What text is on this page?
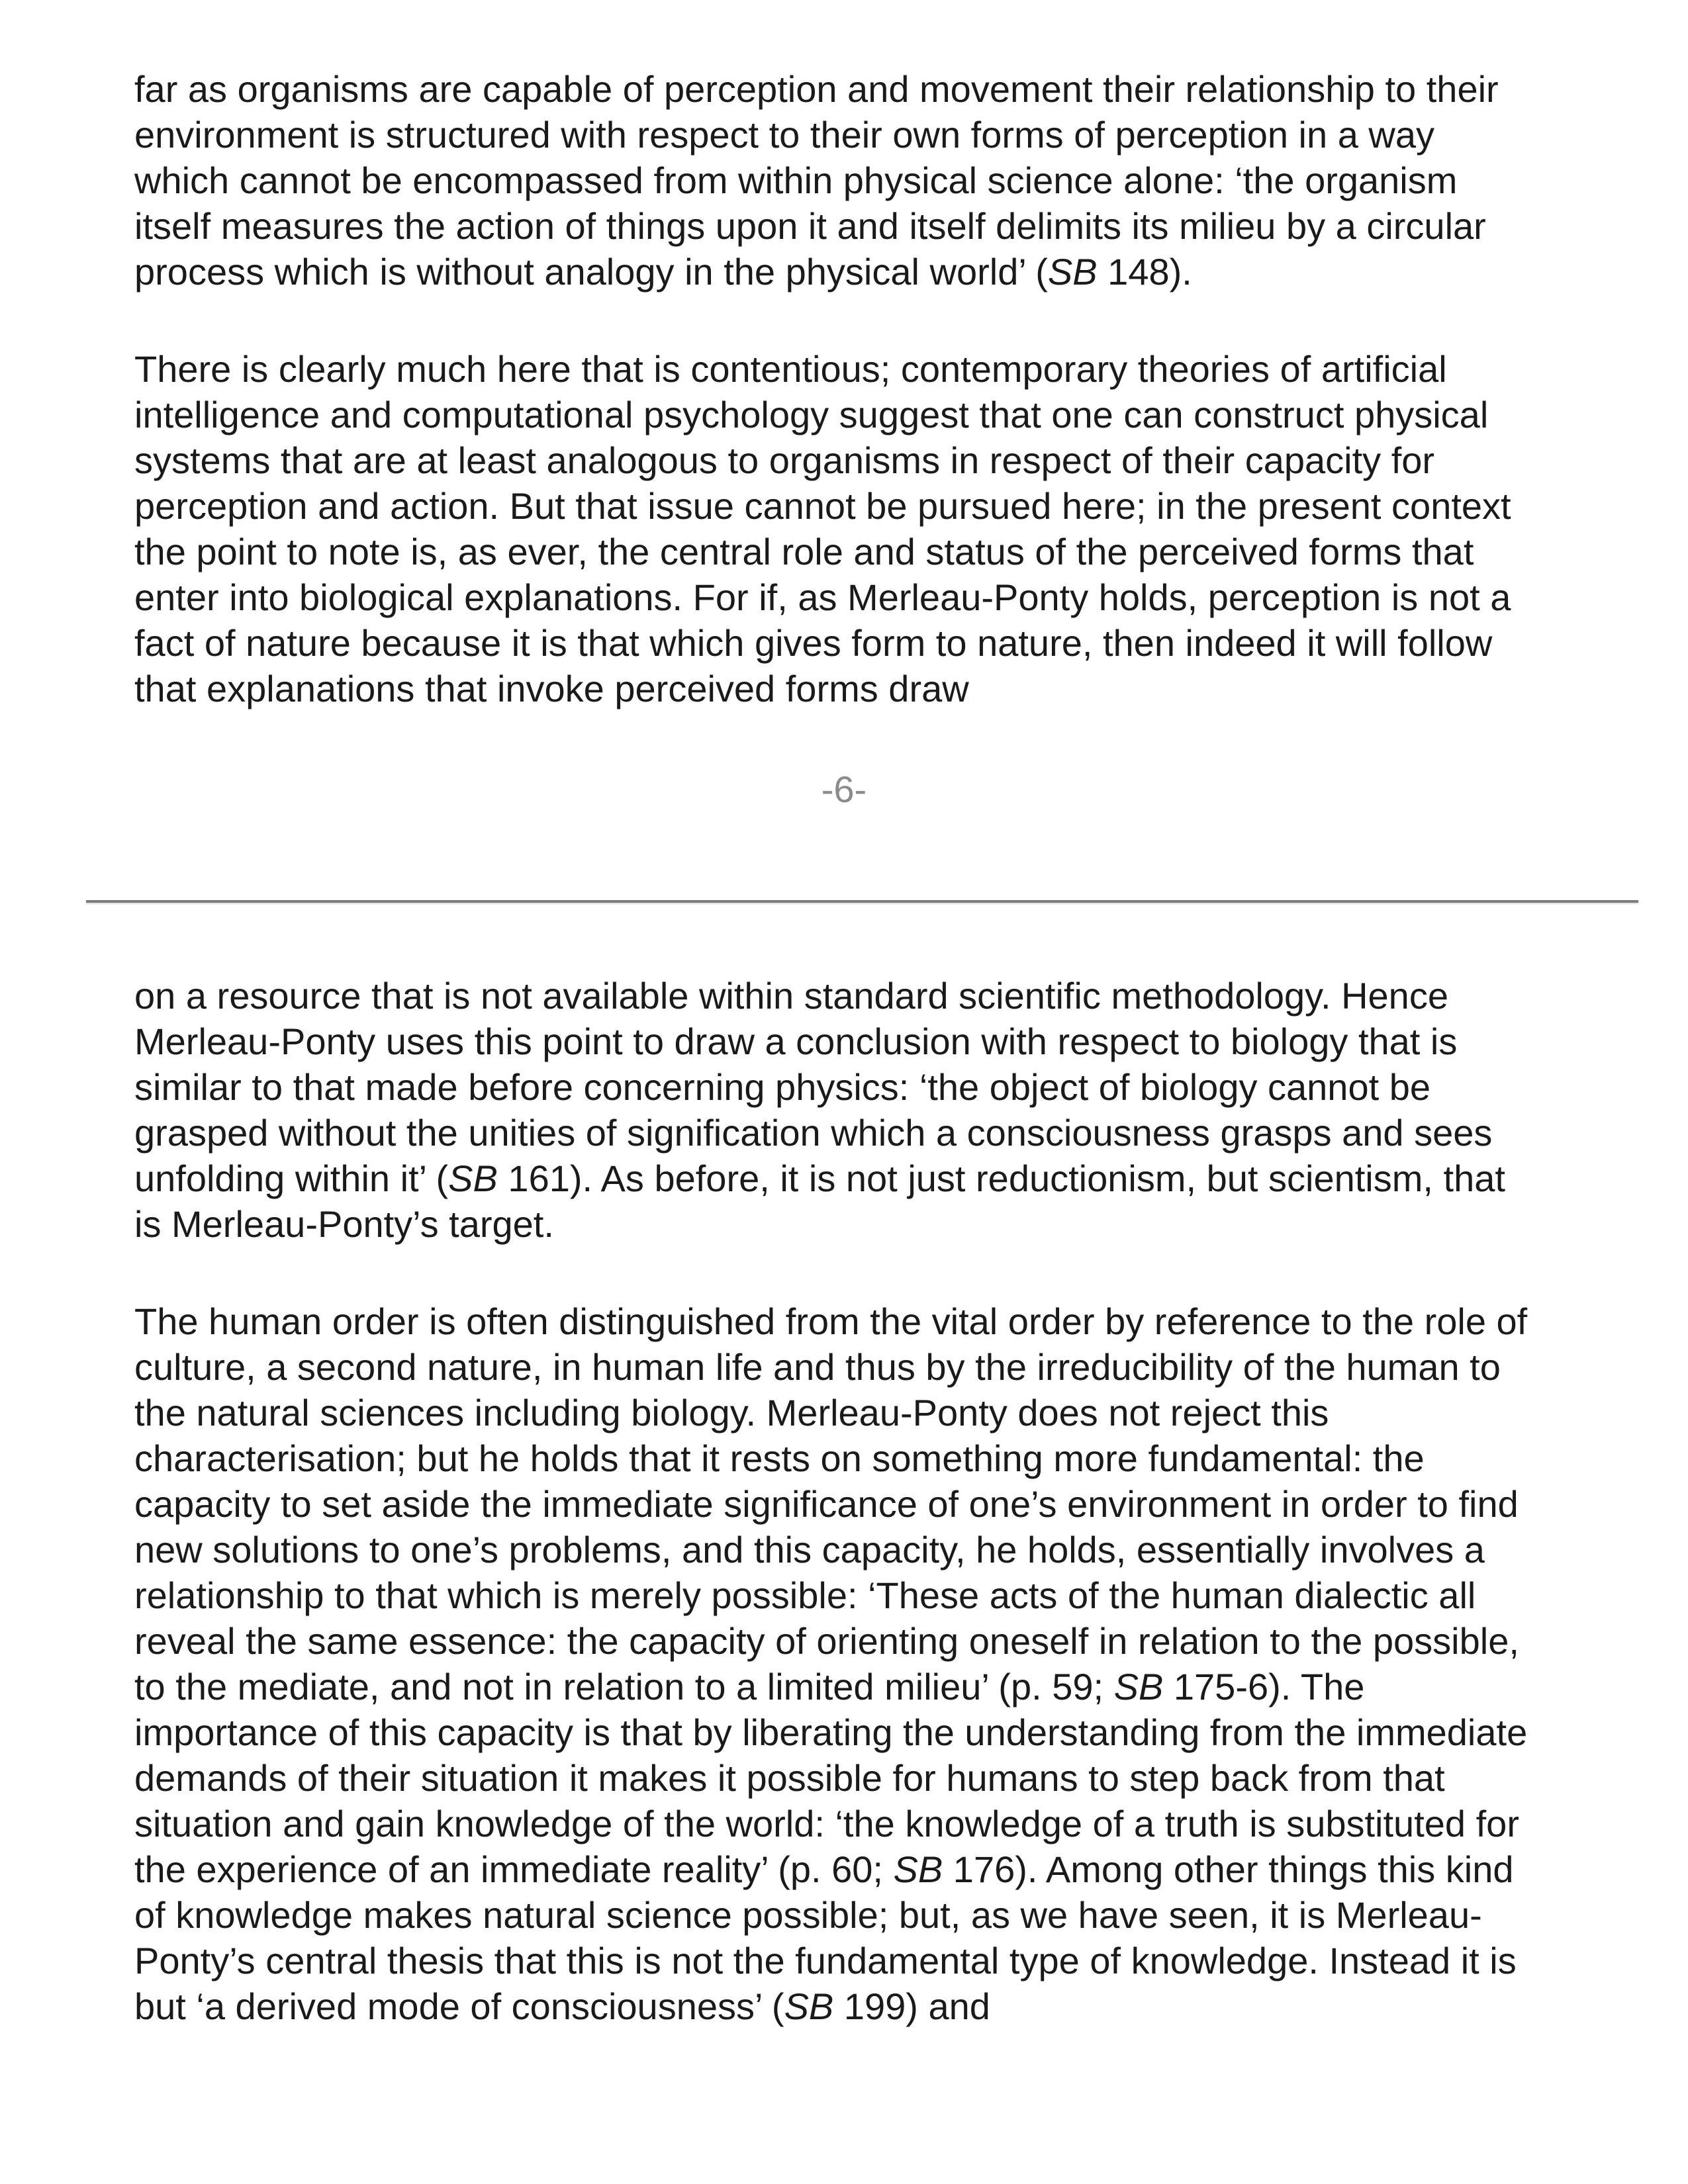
far as organisms are capable of perception and movement their relationship to their
environment is structured with respect to their own forms of perception in a way
which cannot be encompassed from within physical science alone: ‘the organism
itself measures the action of things upon it and itself delimits its milieu by a circular
process which is without analogy in the physical world’ (SB 148).

There is clearly much here that is contentious; contemporary theories of artificial
intelligence and computational psychology suggest that one can construct physical
systems that are at least analogous to organisms in respect of their capacity for
perception and action. But that issue cannot be pursued here; in the present context
the point to note is, as ever, the central role and status of the perceived forms that
enter into biological explanations. For if, as Merleau-Ponty holds, perception is not a
fact of nature because it is that which gives form to nature, then indeed it will follow
that explanations that invoke perceived forms draw

-6-

on a resource that is not available within standard scientific methodology. Hence
Merleau-Ponty uses this point to draw a conclusion with respect to biology that is
similar to that made before concerning physics: ‘the object of biology cannot be
grasped without the unities of signification which a consciousness grasps and sees
unfolding within it’ (SB 161). As before, it is not just reductionism, but scientism, that
is Merleau-Ponty’s target.

The human order is often distinguished from the vital order by reference to the role of
culture, a second nature, in human life and thus by the irreducibility of the human to
the natural sciences including biology. Merleau-Ponty does not reject this
characterisation; but he holds that it rests on something more fundamental: the
capacity to set aside the immediate significance of one’s environment in order to find
new solutions to one’s problems, and this capacity, he holds, essentially involves a
relationship to that which is merely possible: ‘These acts of the human dialectic all
reveal the same essence: the capacity of orienting oneself in relation to the possible,
to the mediate, and not in relation to a limited milieu’ (p. 59; SB 175-6). The
importance of this capacity is that by liberating the understanding from the immediate
demands of their situation it makes it possible for humans to step back from that
situation and gain knowledge of the world: ‘the knowledge of a truth is substituted for
the experience of an immediate reality’ (p. 60; SB 176). Among other things this kind
of knowledge makes natural science possible; but, as we have seen, it is Merleau-
Ponty’s central thesis that this is not the fundamental type of knowledge. Instead it is
but ‘a derived mode of consciousness’ (SB 199) and
